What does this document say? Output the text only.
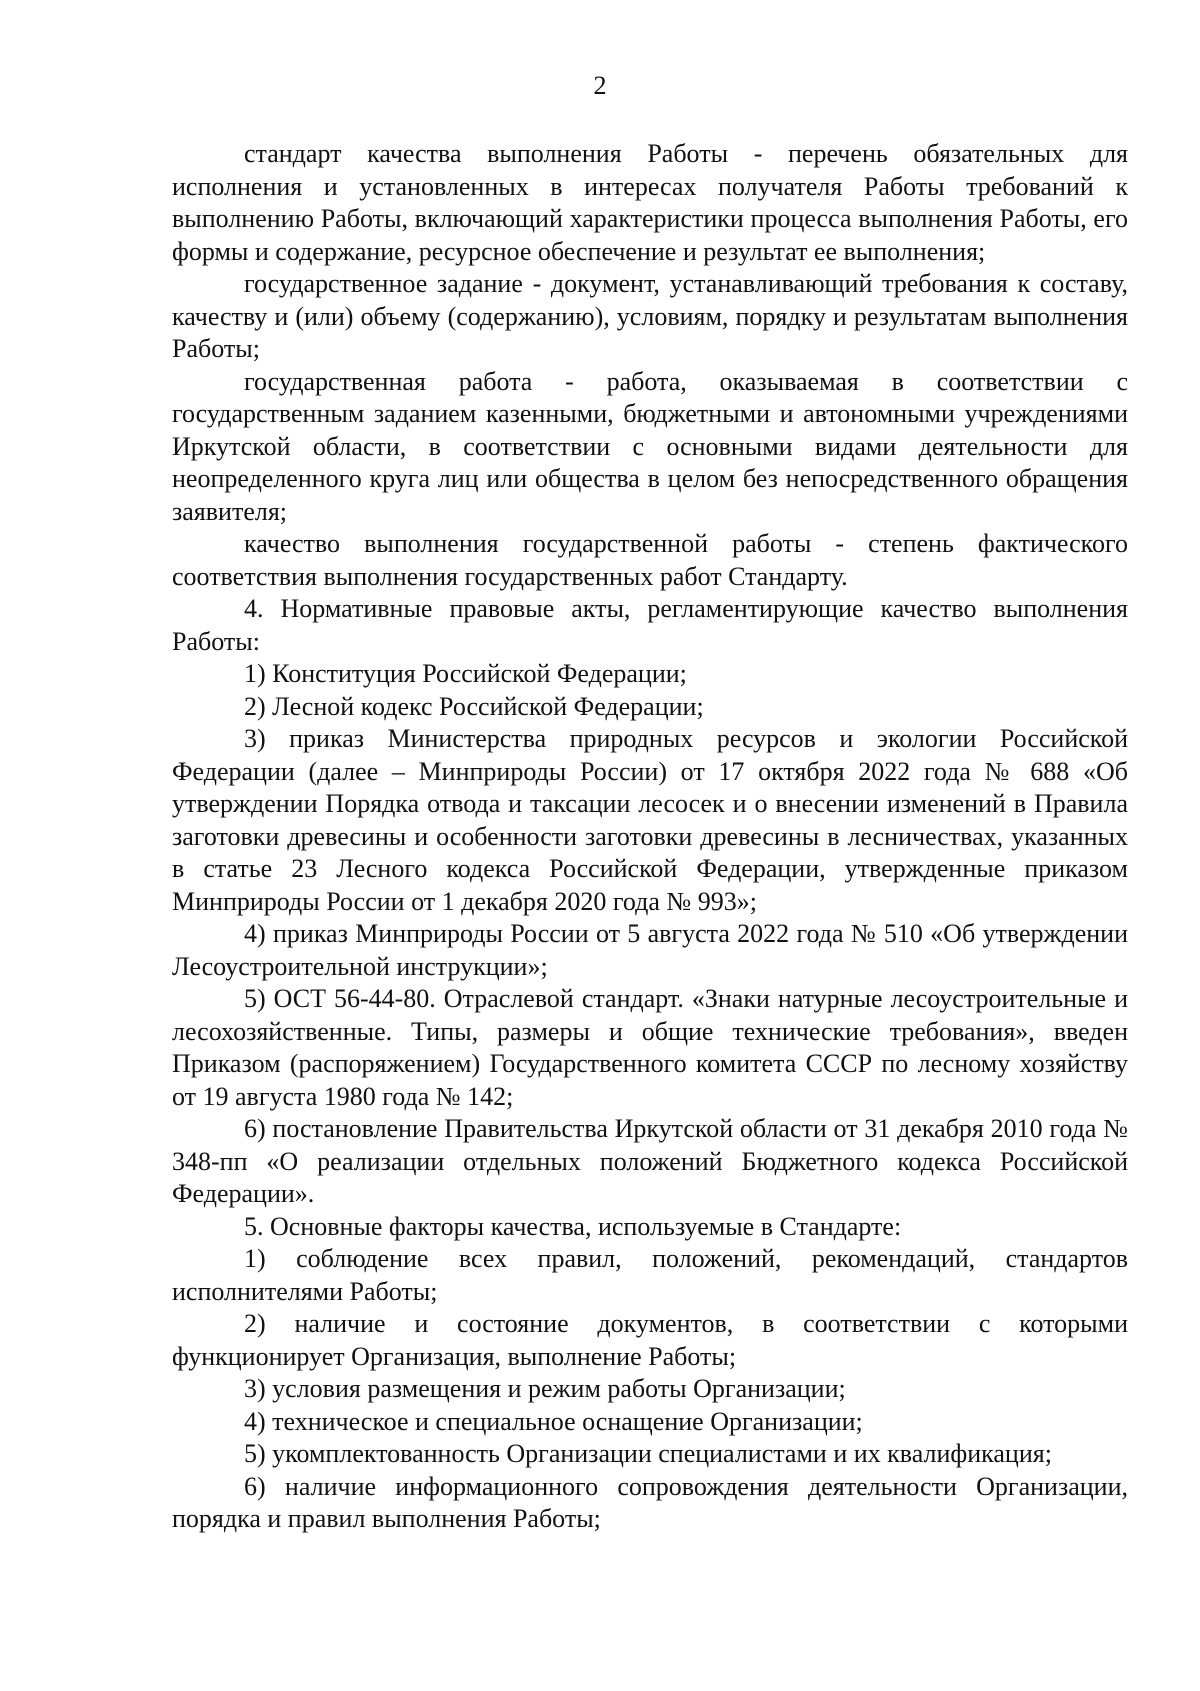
2

стандарт качества выполнения Работы - перечень обязательных для исполнения и установленных в интересах получателя Работы требований к выполнению Работы, включающий характеристики процесса выполнения Работы, его формы и содержание, ресурсное обеспечение и результат ее выполнения;

государственное задание - документ, устанавливающий требования к составу, качеству и (или) объему (содержанию), условиям, порядку и результатам выполнения Работы;

государственная работа - работа, оказываемая в соответствии с государственным заданием казенными, бюджетными и автономными учреждениями Иркутской области, в соответствии с основными видами деятельности для неопределенного круга лиц или общества в целом без непосредственного обращения заявителя;

качество выполнения государственной работы - степень фактического соответствия выполнения государственных работ Стандарту.

4. Нормативные правовые акты, регламентирующие качество выполнения Работы:

1) Конституция Российской Федерации;

2) Лесной кодекс Российской Федерации;

3) приказ Министерства природных ресурсов и экологии Российской Федерации (далее – Минприроды России) от 17 октября 2022 года № 688 «Об утверждении Порядка отвода и таксации лесосек и о внесении изменений в Правила заготовки древесины и особенности заготовки древесины в лесничествах, указанных в статье 23 Лесного кодекса Российской Федерации, утвержденные приказом Минприроды России от 1 декабря 2020 года № 993»;

4) приказ Минприроды России от 5 августа 2022 года № 510 «Об утверждении Лесоустроительной инструкции»;

5) ОСТ 56-44-80. Отраслевой стандарт. «Знаки натурные лесоустроительные и лесохозяйственные. Типы, размеры и общие технические требования», введен Приказом (распоряжением) Государственного комитета СССР по лесному хозяйству от 19 августа 1980 года № 142;

6) постановление Правительства Иркутской области от 31 декабря 2010 года № 348-пп «О реализации отдельных положений Бюджетного кодекса Российской Федерации».

5. Основные факторы качества, используемые в Стандарте:

1) соблюдение всех правил, положений, рекомендаций, стандартов исполнителями Работы;

2) наличие и состояние документов, в соответствии с которыми функционирует Организация, выполнение Работы;

3) условия размещения и режим работы Организации;

4) техническое и специальное оснащение Организации;

5) укомплектованность Организации специалистами и их квалификация;

6) наличие информационного сопровождения деятельности Организации, порядка и правил выполнения Работы;
